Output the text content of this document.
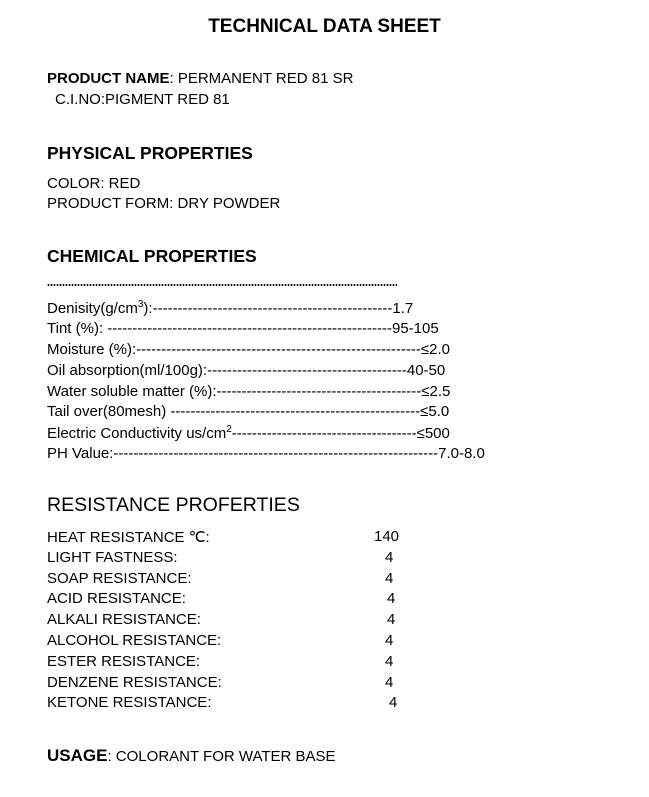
TECHNICAL DATA SHEET
PRODUCT NAME: PERMANENT RED 81 SR
C.I.NO:PIGMENT RED 81
PHYSICAL PROPERTIES
COLOR: RED
PRODUCT FORM: DRY POWDER
CHEMICAL PROPERTIES
$Denisity(g/cm^3):------------------------------------------------1.7$
Tint (%): ---------------------------------------------------------95-105
Moisture (%):---------------------------------------------------------≤2.0
Oil absorption(ml/100g):----------------------------------------40-50
Water soluble matter (%):-----------------------------------------≤2.5
Tail over(80mesh) --------------------------------------------------≤5.0
Electric Conductivity $us/cm^2-------------------------------------\le 500$
PH Value:-----------------------------------------------------------------7.0-8.0
RESISTANCE PROFERTIES
HEAT RESISTANCE ℃:	140
LIGHT FASTNESS:	4
SOAP RESISTANCE:	4
ACID RESISTANCE:	4
ALKALI RESISTANCE:	4
ALCOHOL RESISTANCE:	4
ESTER RESISTANCE:	4
DENZENE RESISTANCE:	4
KETONE RESISTANCE:	4
USAGE: COLORANT FOR WATER BASE
